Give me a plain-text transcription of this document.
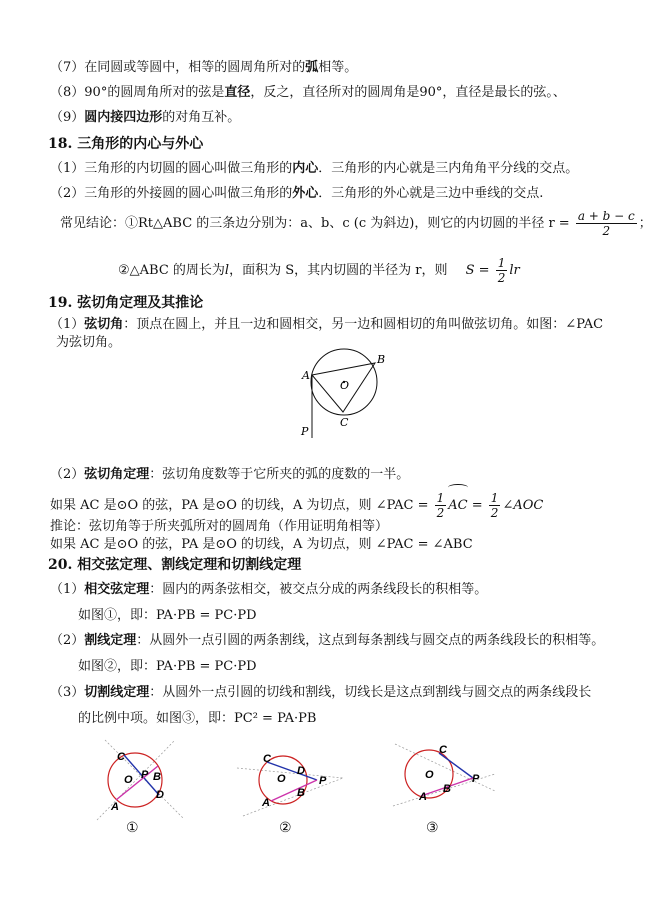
（7）在同圆或等圆中，相等的圆周角所对的弧相等。
（8）90°的圆周角所对的弦是直径，反之，直径所对的圆周角是90°，直径是最长的弦。、
（9）圆内接四边形的对角互补。
18. 三角形的内心与外心
（1）三角形的内切圆的圆心叫做三角形的内心．三角形的内心就是三内角角平分线的交点。
（2）三角形的外接圆的圆心叫做三角形的外心．三角形的外心就是三边中垂线的交点.
常见结论：①Rt△ABC 的三条边分别为：a、b、c (c 为斜边)，则它的内切圆的半径 $r = \frac{a + b - c}{2}$ ；
②△ABC 的周长为l，面积为 S，其内切圆的半径为 r，则 $S = \frac{1}{2}$ lr
19. 弦切角定理及其推论
（1）弦切角：顶点在圆上，并且一边和圆相交，另一边和圆相切的角叫做弦切角。如图：∠PAC
为弦切角。
A
B
C
O
P
（2）弦切角定理：弦切角度数等于它所夹的弧的度数的一半。
如果 AC 是⊙O 的弦，PA 是⊙O 的切线，A 为切点，则 ∠PAC = $\frac{1}{2}$ AC = $\frac{1}{2}$ ∠AOC
推论：弦切角等于所夹弧所对的圆周角（作用证明角相等）
如果 AC 是⊙O 的弦，PA 是⊙O 的切线，A 为切点，则 ∠PAC = ∠ABC
20. 相交弦定理、割线定理和切割线定理
（1）相交弦定理：圆内的两条弦相交，被交点分成的两条线段长的积相等。
如图①，即：PA·PB = PC·PD
（2）割线定理：从圆外一点引圆的两条割线，这点到每条割线与圆交点的两条线段长的积相等。
如图②，即：PA·PB = PC·PD
（3）切割线定理：从圆外一点引圆的切线和割线，切线长是这点到割线与圆交点的两条线段长
的比例中项。如图③，即：PC² = PA·PB
C
O P B
D
A
C
O
D
P
B
A
C
O	P
B
A
①	②	③
